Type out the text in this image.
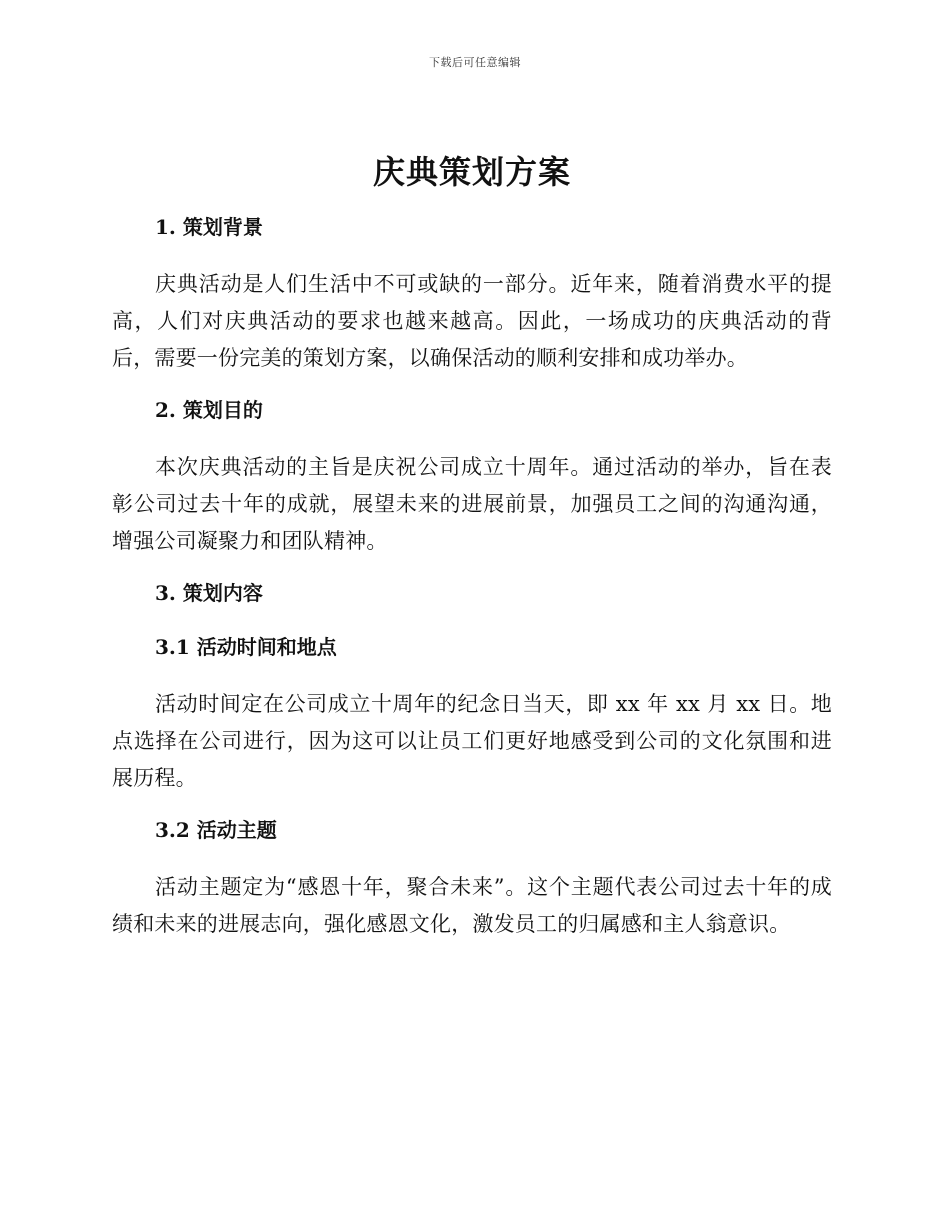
下载后可任意编辑
庆典策划方案
1. 策划背景

庆典活动是人们生活中不可或缺的一部分。近年来，随着消费水平的提高，人们对庆典活动的要求也越来越高。因此，一场成功的庆典活动的背后，需要一份完美的策划方案，以确保活动的顺利安排和成功举办。

2. 策划目的

本次庆典活动的主旨是庆祝公司成立十周年。通过活动的举办，旨在表彰公司过去十年的成就，展望未来的进展前景，加强员工之间的沟通沟通，增强公司凝聚力和团队精神。

3. 策划内容
3.1 活动时间和地点

活动时间定在公司成立十周年的纪念日当天，即 xx 年 xx 月 xx 日。地点选择在公司进行，因为这可以让员工们更好地感受到公司的文化氛围和进展历程。

3.2 活动主题

活动主题定为“感恩十年，聚合未来”。这个主题代表公司过去十年的成绩和未来的进展志向，强化感恩文化，激发员工的归属感和主人翁意识。
